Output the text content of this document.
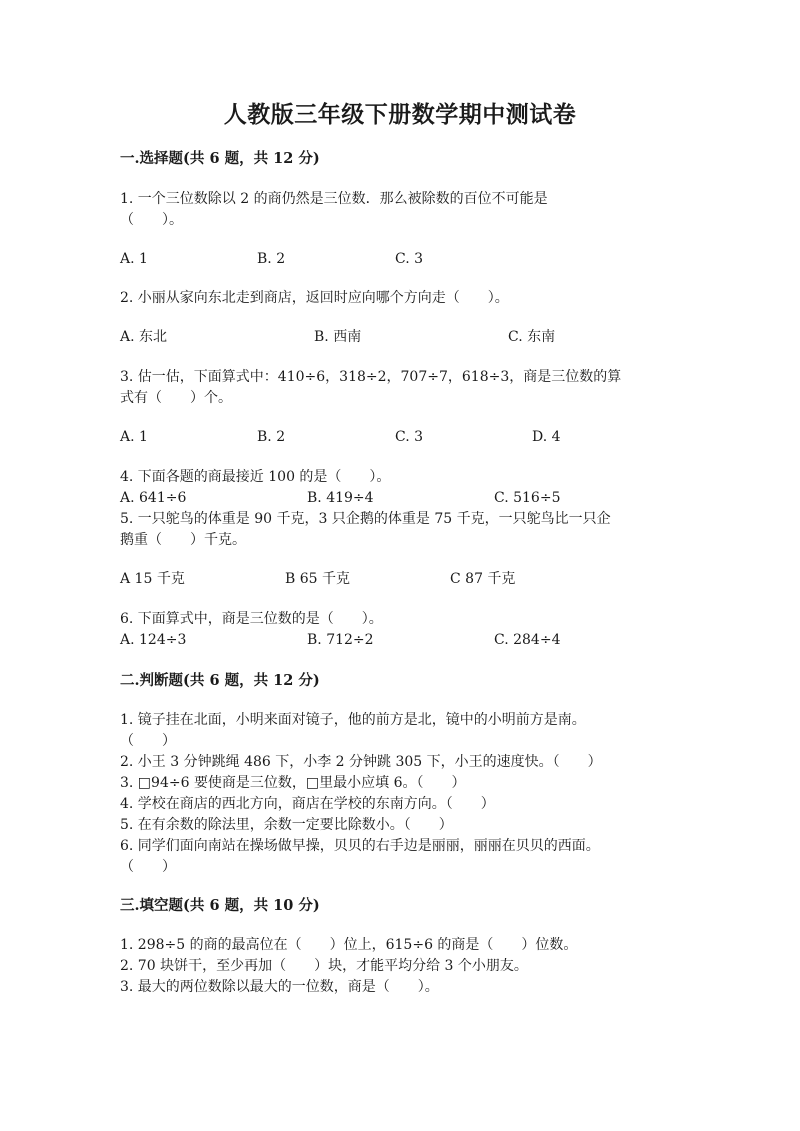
人教版三年级下册数学期中测试卷
一.选择题(共 6 题，共 12 分)
1. 一个三位数除以 2 的商仍然是三位数．那么被除数的百位不可能是
（　　）。
A. 1	B. 2	C. 3
2. 小丽从家向东北走到商店，返回时应向哪个方向走（　　）。
A. 东北	B. 西南	C. 东南
3. 估一估，下面算式中：410÷6，318÷2，707÷7，618÷3，商是三位数的算
式有（　　）个。
A. 1	B. 2	C. 3	D. 4
4. 下面各题的商最接近 100 的是（　　）。
A. 641÷6	B. 419÷4	C. 516÷5
5. 一只鸵鸟的体重是 90 千克，3 只企鹅的体重是 75 千克，一只鸵鸟比一只企
鹅重（　　）千克。
A 15 千克	B 65 千克	C 87 千克
6. 下面算式中，商是三位数的是（　　）。
A. 124÷3	B. 712÷2	C. 284÷4
二.判断题(共 6 题，共 12 分)
1. 镜子挂在北面，小明来面对镜子，他的前方是北，镜中的小明前方是南。
（　　）
2. 小王 3 分钟跳绳 486 下，小李 2 分钟跳 305 下，小王的速度快。（　　）
3. □94÷6 要使商是三位数，□里最小应填 6。（　　）
4. 学校在商店的西北方向，商店在学校的东南方向。（　　）
5. 在有余数的除法里，余数一定要比除数小。（　　）
6. 同学们面向南站在操场做早操，贝贝的右手边是丽丽，丽丽在贝贝的西面。
（　　）
三.填空题(共 6 题，共 10 分)
1. 298÷5 的商的最高位在（　　）位上，615÷6 的商是（　　）位数。
2. 70 块饼干，至少再加（　　）块，才能平均分给 3 个小朋友。
3. 最大的两位数除以最大的一位数，商是（　　）。
